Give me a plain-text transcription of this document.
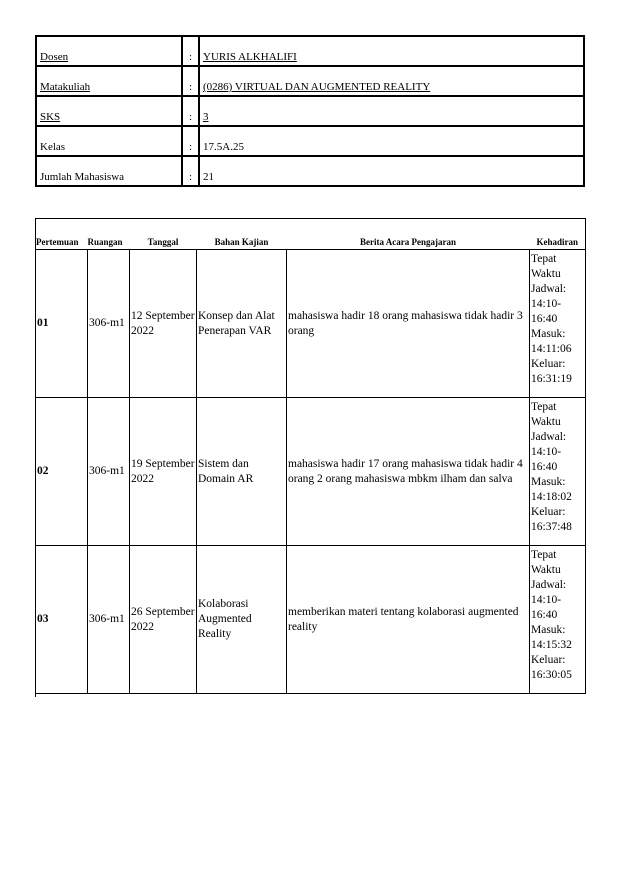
Dosen	:	YURIS ALKHALIFI
Matakuliah	:	(0286) VIRTUAL DAN AUGMENTED REALITY
SKS	:	3
Kelas	:	17.5A.25
Jumlah Mahasiswa	:	21
Pertemuan	Ruangan	Tanggal	Bahan Kajian	Berita Acara Pengajaran	Kehadiran
01	306-m1	12 September 2022	Konsep dan Alat Penerapan VAR	mahasiswa hadir 18 orang mahasiswa tidak hadir 3 orang	Tepat Waktu Jadwal: 14:10-16:40 Masuk: 14:11:06 Keluar: 16:31:19
02	306-m1	19 September 2022	Sistem dan Domain AR	mahasiswa hadir 17 orang mahasiswa tidak hadir 4 orang 2 orang mahasiswa mbkm ilham dan salva	Tepat Waktu Jadwal: 14:10-16:40 Masuk: 14:18:02 Keluar: 16:37:48
03	306-m1	26 September 2022	Kolaborasi Augmented Reality	memberikan materi tentang kolaborasi augmented reality	Tepat Waktu Jadwal: 14:10-16:40 Masuk: 14:15:32 Keluar: 16:30:05
